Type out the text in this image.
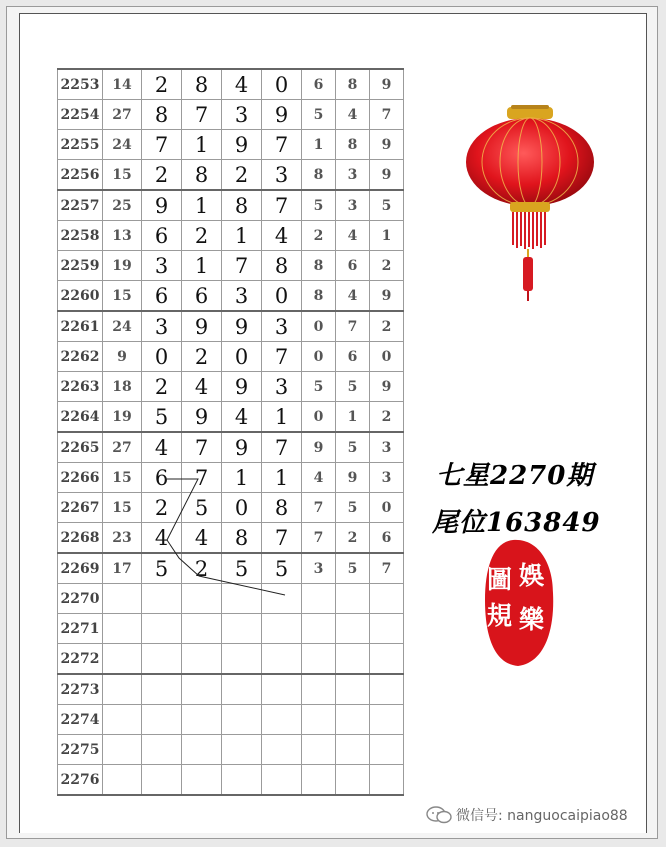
2253	14	2	8	4	0	6	8	9
2254	27	8	7	3	9	5	4	7
2255	24	7	1	9	7	1	8	9
2256	15	2	8	2	3	8	3	9
2257	25	9	1	8	7	5	3	5
2258	13	6	2	1	4	2	4	1
2259	19	3	1	7	8	8	6	2
2260	15	6	6	3	0	8	4	9
2261	24	3	9	9	3	0	7	2
2262	9	0	2	0	7	0	6	0
2263	18	2	4	9	3	5	5	9
2264	19	5	9	4	1	0	1	2
2265	27	4	7	9	7	9	5	3
2266	15	6	7	1	1	4	9	3
2267	15	2	5	0	8	7	5	0
2268	23	4	4	8	7	7	2	6
2269	17	5	2	5	5	3	5	7
2270								
2271								
2272								
2273								
2274								
2275								
2276								
七星2270期
尾位163849
圖 娛
規 樂
微信号: nanguocaipiao88
